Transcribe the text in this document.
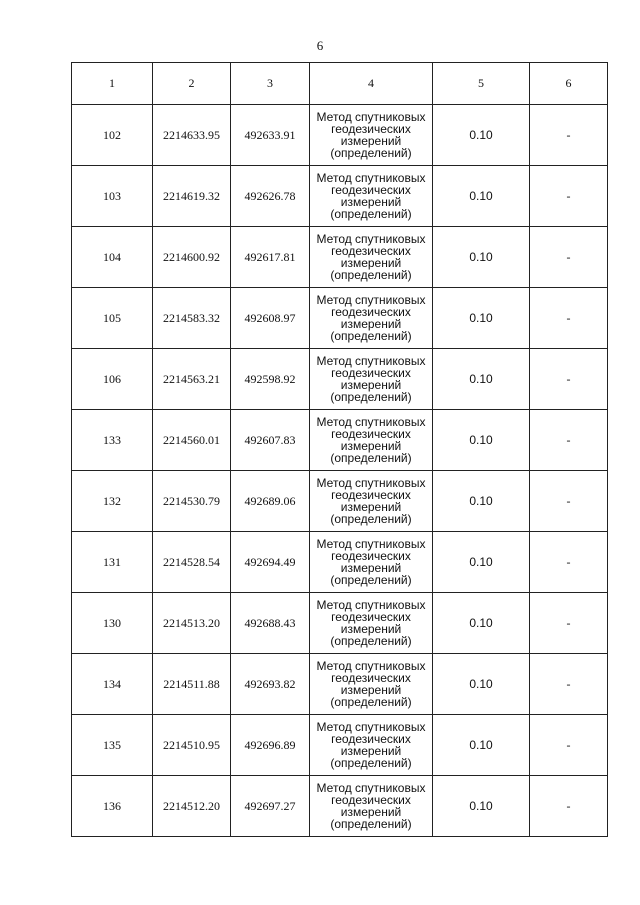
6
1	2	3	4	5	6
102	2214633.95	492633.91	Метод спутниковых
геодезических
измерений
(определений)	0.10	-
103	2214619.32	492626.78	Метод спутниковых
геодезических
измерений
(определений)	0.10	-
104	2214600.92	492617.81	Метод спутниковых
геодезических
измерений
(определений)	0.10	-
105	2214583.32	492608.97	Метод спутниковых
геодезических
измерений
(определений)	0.10	-
106	2214563.21	492598.92	Метод спутниковых
геодезических
измерений
(определений)	0.10	-
133	2214560.01	492607.83	Метод спутниковых
геодезических
измерений
(определений)	0.10	-
132	2214530.79	492689.06	Метод спутниковых
геодезических
измерений
(определений)	0.10	-
131	2214528.54	492694.49	Метод спутниковых
геодезических
измерений
(определений)	0.10	-
130	2214513.20	492688.43	Метод спутниковых
геодезических
измерений
(определений)	0.10	-
134	2214511.88	492693.82	Метод спутниковых
геодезических
измерений
(определений)	0.10	-
135	2214510.95	492696.89	Метод спутниковых
геодезических
измерений
(определений)	0.10	-
136	2214512.20	492697.27	Метод спутниковых
геодезических
измерений
(определений)	0.10	-
